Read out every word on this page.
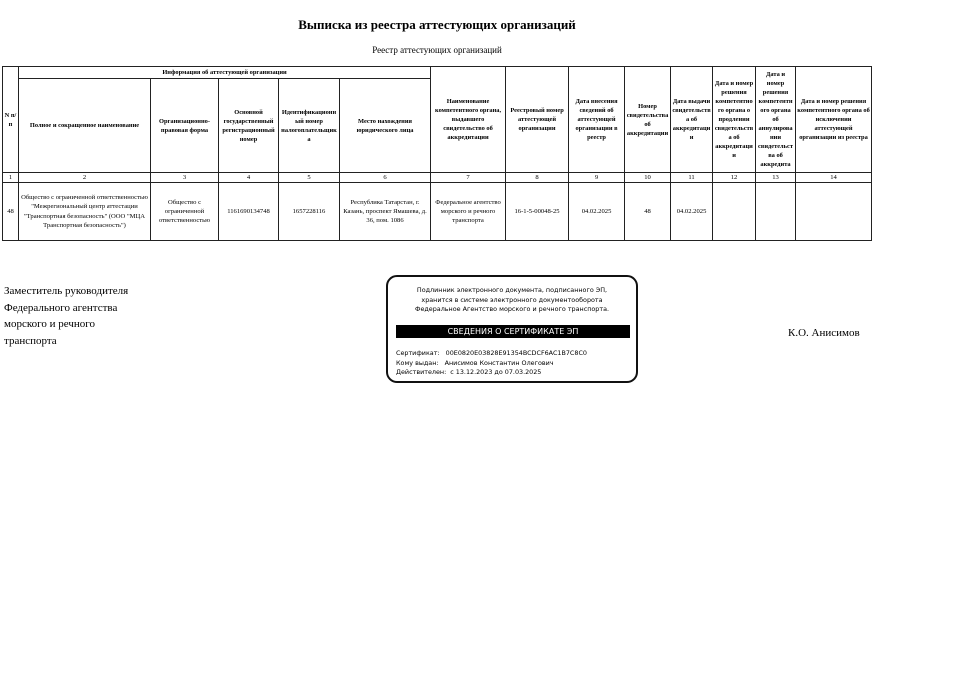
Выписка из реестра аттестующих организаций
Реестр аттестующих организаций
N п/п	Информация об аттестующей организации					Наименование компетентного органа, выдавшего свидетельство об аккредитации	Реестровый номер аттестующей организации	Дата внесения сведений об аттестующей организации в реестр	Номер свидетельства об аккредитации	Дата выдачи свидетельства об аккредитации	Дата и номер решения компетентного органа о продлении свидетельства об аккредитации	Дата и номер решения компетентного органа об аннулировании свидетельства об аккредита	Дата и номер решения компетентного органа об исключении аттестующей организации из реестра
	Полное и сокращенное наименование	Организационно-правовая форма	Основной государственный регистрационный номер	Идентификационный номер налогоплательщика	Место нахождения юридического лица								
1	2	3	4	5	6	7	8	9	10	11	12	13	14
48	Общество с ограниченной ответственностью "Межрегиональный центр аттестации "Транспортная безопасность" (ООО "МЦА Транспортная безопасность")	Общество с ограниченной ответственностью	1161690134748	1657228116	Республика Татарстан, г. Казань, проспект Ямашева, д. 36, пом. 1086	Федеральное агентство морского и речного транспорта	16-1-5-00048-25	04.02.2025	48	04.02.2025			
Заместитель руководителя
Федерального агентства
морского и речного
транспорта
Подлинник электронного документа, подписанного ЭП,
хранится в системе электронного документооборота
Федеральное Агентство морского и речного транспорта.
СВЕДЕНИЯ О СЕРТИФИКАТЕ ЭП
Сертификат: 00E0820E03828E91354BCDCF6AC1B7C8C0
Кому выдан: Анисимов Константин Олегович
Действителен: с 13.12.2023 до 07.03.2025
К.О. Анисимов
